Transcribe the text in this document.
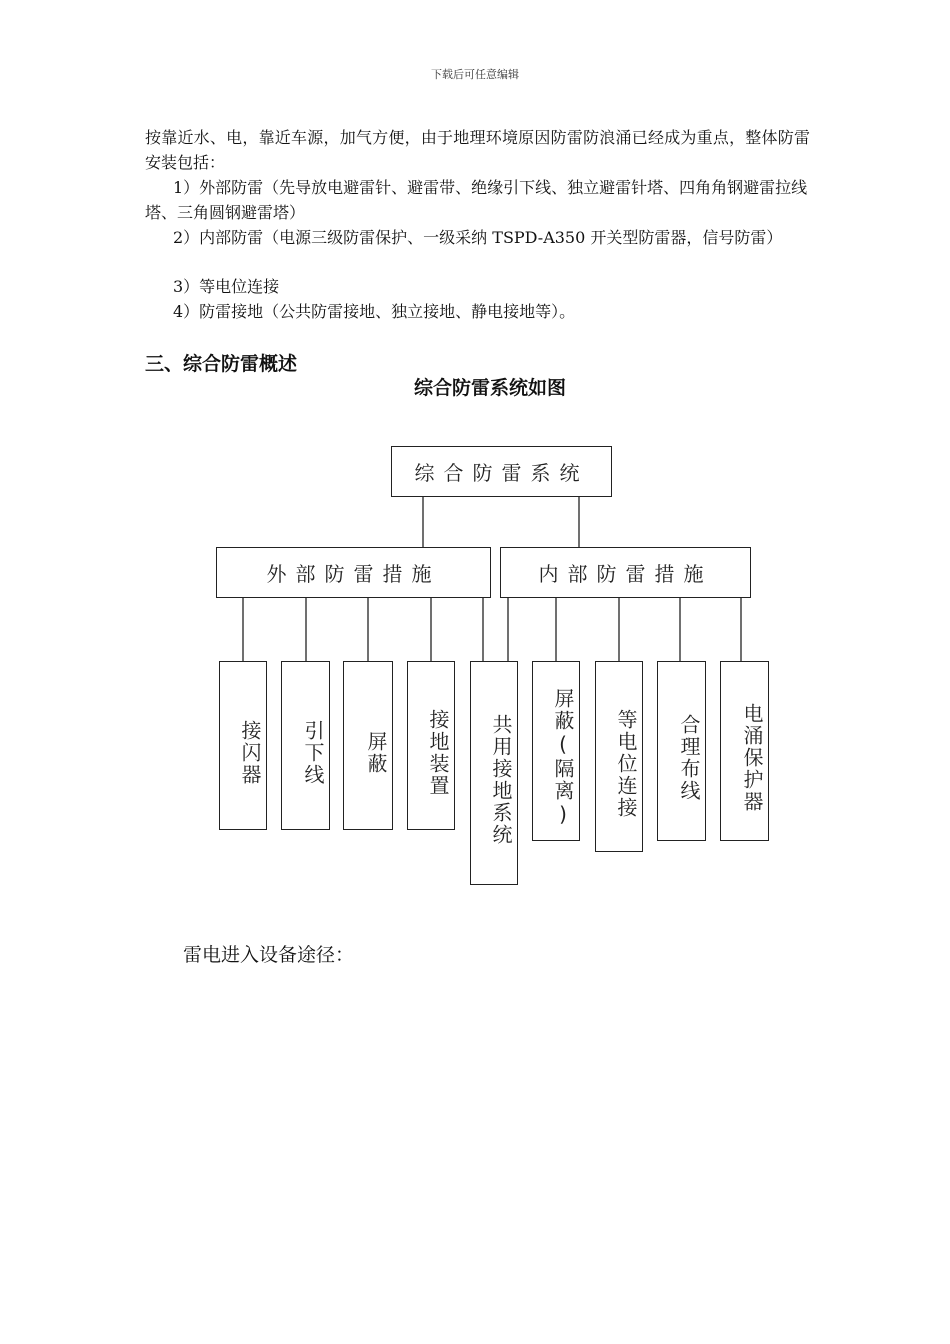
下载后可任意编辑

按靠近水、电，靠近车源，加气方便，由于地理环境原因防雷防浪涌已经成为重点，整体防雷安装包括：

1）外部防雷（先导放电避雷针、避雷带、绝缘引下线、独立避雷针塔、四角角钢避雷拉线塔、三角圆钢避雷塔）

2）内部防雷（电源三级防雷保护、一级采纳 TSPD-A350 开关型防雷器，信号防雷）

3）等电位连接

4）防雷接地（公共防雷接地、独立接地、静电接地等）。

三、综合防雷概述
综合防雷系统如图
综合防雷系统
外部防雷措施	内部防雷措施
接闪器	引下线	屏蔽	接地装置	共用接地系统	屏蔽(隔离)	等电位连接	合理布线	电涌保护器

雷电进入设备途径：
